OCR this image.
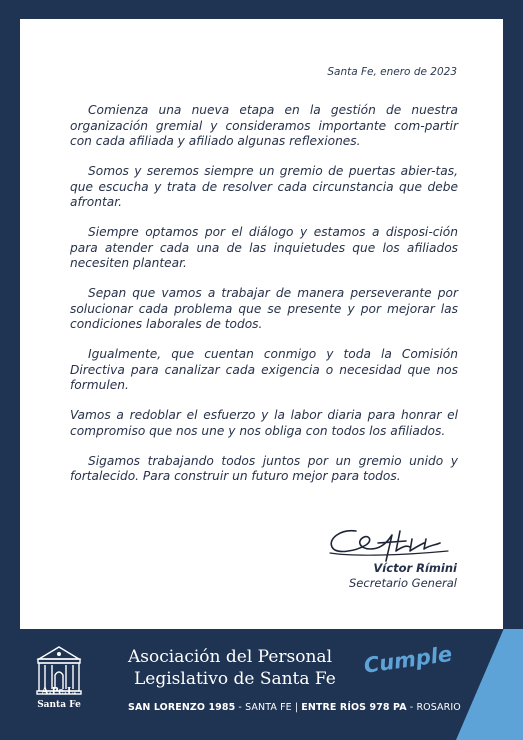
Santa Fe, enero de 2023

Comienza una nueva etapa en la gestión de nuestra organización gremial y consideramos importante com-partir con cada afiliada y afiliado algunas reflexiones.

Somos y seremos siempre un gremio de puertas abier-tas, que escucha y trata de resolver cada circunstancia que debe afrontar.

Siempre optamos por el diálogo y estamos a disposi-ción para atender cada una de las inquietudes que los afiliados necesiten plantear.

Sepan que vamos a trabajar de manera perseverante por solucionar cada problema que se presente y por mejorar las condiciones laborales de todos.

Igualmente, que cuentan conmigo y toda la Comisión Directiva para canalizar cada exigencia o necesidad que nos formulen.

Vamos a redoblar el esfuerzo y la labor diaria para honrar el compromiso que nos une y nos obliga con todos los afiliados.

Sigamos trabajando todos juntos por un gremio unido y fortalecido. Para construir un futuro mejor para todos.

Víctor Rímini
Secretario General
A.Pe.L.
Santa Fe
Asociación del Personal
Legislativo de Santa Fe
SAN LORENZO 1985 - SANTA FE | ENTRE RÍOS 978 PA - ROSARIO
Cumple
